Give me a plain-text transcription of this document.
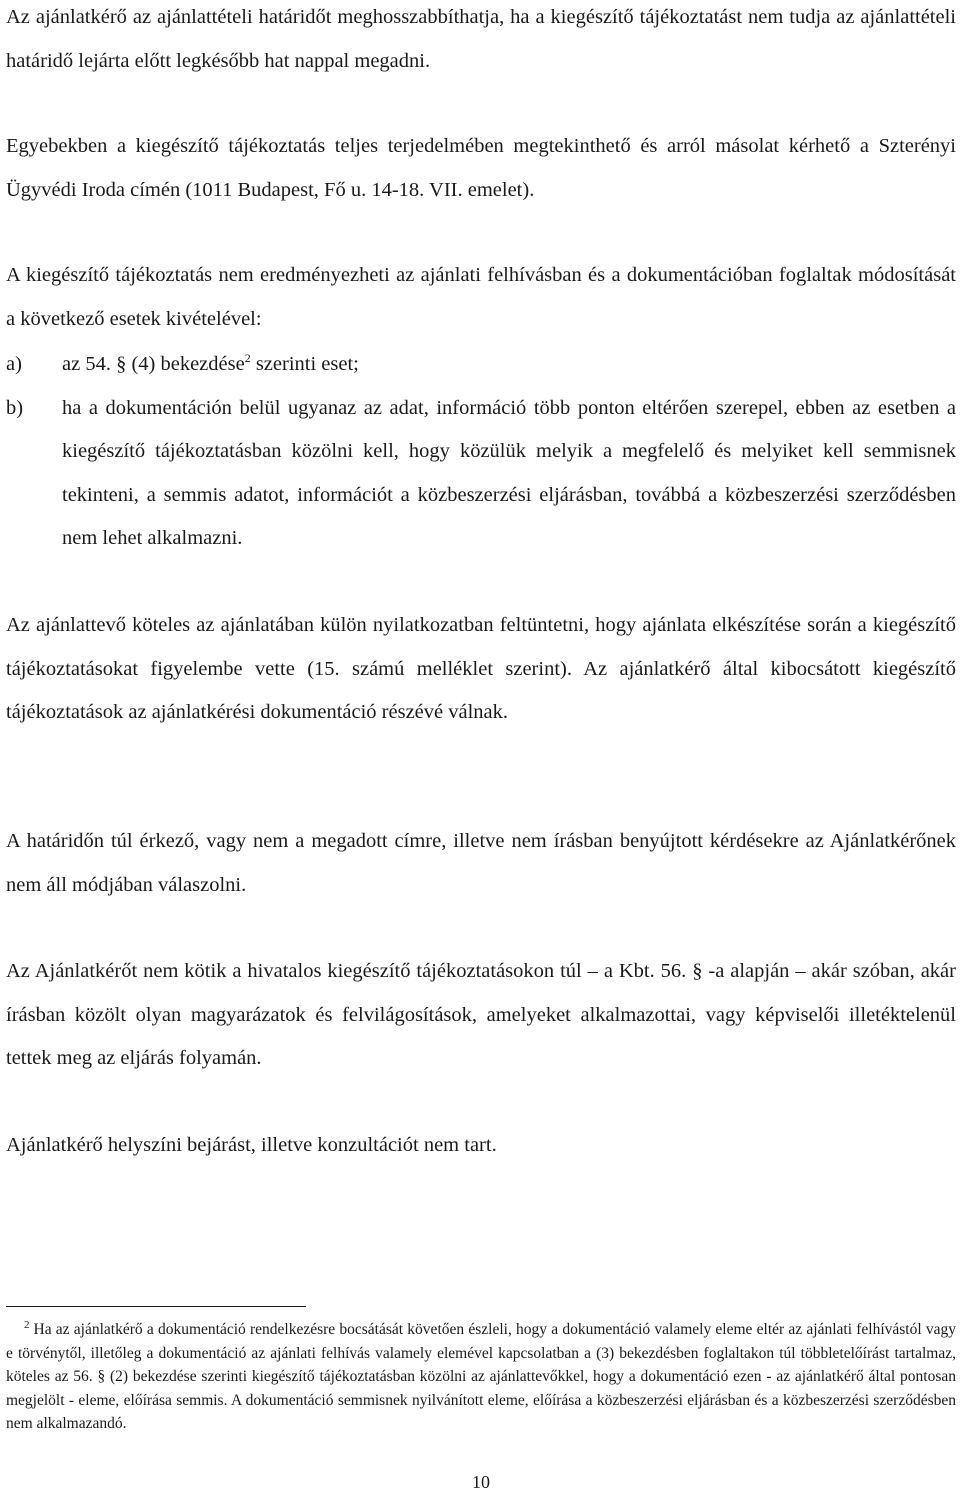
Az ajánlatkérő az ajánlattételi határidőt meghosszabbíthatja, ha a kiegészítő tájékoztatást nem tudja az ajánlattételi határidő lejárta előtt legkésőbb hat nappal megadni.

Egyebekben a kiegészítő tájékoztatás teljes terjedelmében megtekinthető és arról másolat kérhető a Szterényi Ügyvédi Iroda címén (1011 Budapest, Fő u. 14-18. VII. emelet).

A kiegészítő tájékoztatás nem eredményezheti az ajánlati felhívásban és a dokumentációban foglaltak módosítását a következő esetek kivételével:

a)	az 54. § (4) bekezdése$^2$ szerinti eset;
b)	ha a dokumentáción belül ugyanaz az adat, információ több ponton eltérően szerepel, ebben az esetben a kiegészítő tájékoztatásban közölni kell, hogy közülük melyik a megfelelő és melyiket kell semmisnek tekinteni, a semmis adatot, információt a közbeszerzési eljárásban, továbbá a közbeszerzési szerződésben nem lehet alkalmazni.

Az ajánlattevő köteles az ajánlatában külön nyilatkozatban feltüntetni, hogy ajánlata elkészítése során a kiegészítő tájékoztatásokat figyelembe vette (15. számú melléklet szerint). Az ajánlatkérő által kibocsátott kiegészítő tájékoztatások az ajánlatkérési dokumentáció részévé válnak.

A határidőn túl érkező, vagy nem a megadott címre, illetve nem írásban benyújtott kérdésekre az Ajánlatkérőnek nem áll módjában válaszolni.

Az Ajánlatkérőt nem kötik a hivatalos kiegészítő tájékoztatásokon túl – a Kbt. 56. § -a alapján – akár szóban, akár írásban közölt olyan magyarázatok és felvilágosítások, amelyeket alkalmazottai, vagy képviselői illetéktelenül tettek meg az eljárás folyamán.

Ajánlatkérő helyszíni bejárást, illetve konzultációt nem tart.

$^2$ Ha az ajánlatkérő a dokumentáció rendelkezésre bocsátását követően észleli, hogy a dokumentáció valamely eleme eltér az ajánlati felhívástól vagy e törvénytől, illetőleg a dokumentáció az ajánlati felhívás valamely elemével kapcsolatban a (3) bekezdésben foglaltakon túl többletelőírást tartalmaz, köteles az 56. § (2) bekezdése szerinti kiegészítő tájékoztatásban közölni az ajánlattevőkkel, hogy a dokumentáció ezen - az ajánlatkérő által pontosan megjelölt - eleme, előírása semmis. A dokumentáció semmisnek nyilvánított eleme, előírása a közbeszerzési eljárásban és a közbeszerzési szerződésben nem alkalmazandó.

10
